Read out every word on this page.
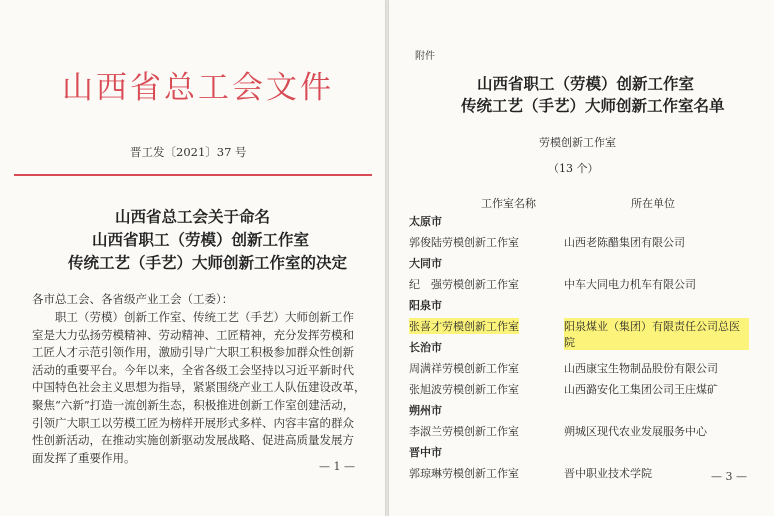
山西省总工会文件
晋工发〔2021〕37 号
山西省总工会关于命名
山西省职工（劳模）创新工作室
传统工艺（手艺）大师创新工作室的决定
各市总工会、各省级产业工会（工委）：
　　职工（劳模）创新工作室、传统工艺（手艺）大师创新工作
室是大力弘扬劳模精神、劳动精神、工匠精神，充分发挥劳模和
工匠人才示范引领作用，激励引导广大职工积极参加群众性创新
活动的重要平台。今年以来，全省各级工会坚持以习近平新时代
中国特色社会主义思想为指导，紧紧围绕产业工人队伍建设改革，
聚焦“六新”打造一流创新生态，积极推进创新工作室创建活动，
引领广大职工以劳模工匠为榜样开展形式多样、内容丰富的群众
性创新活动，在推动实施创新驱动发展战略、促进高质量发展方
面发挥了重要作用。
— 1 —
附件
山西省职工（劳模）创新工作室
传统工艺（手艺）大师创新工作室名单
劳模创新工作室
（13 个）
工作室名称	所在单位
太原市
郭俊陆劳模创新工作室	山西老陈醋集团有限公司
大同市
纪　强劳模创新工作室	中车大同电力机车有限公司
阳泉市
张喜才劳模创新工作室	阳泉煤业（集团）有限责任公司总医院
长治市
周满祥劳模创新工作室	山西康宝生物制品股份有限公司
张旭波劳模创新工作室	山西潞安化工集团公司王庄煤矿
朔州市
李淑兰劳模创新工作室	朔城区现代农业发展服务中心
晋中市
郭琼琳劳模创新工作室	晋中职业技术学院	— 3 —
